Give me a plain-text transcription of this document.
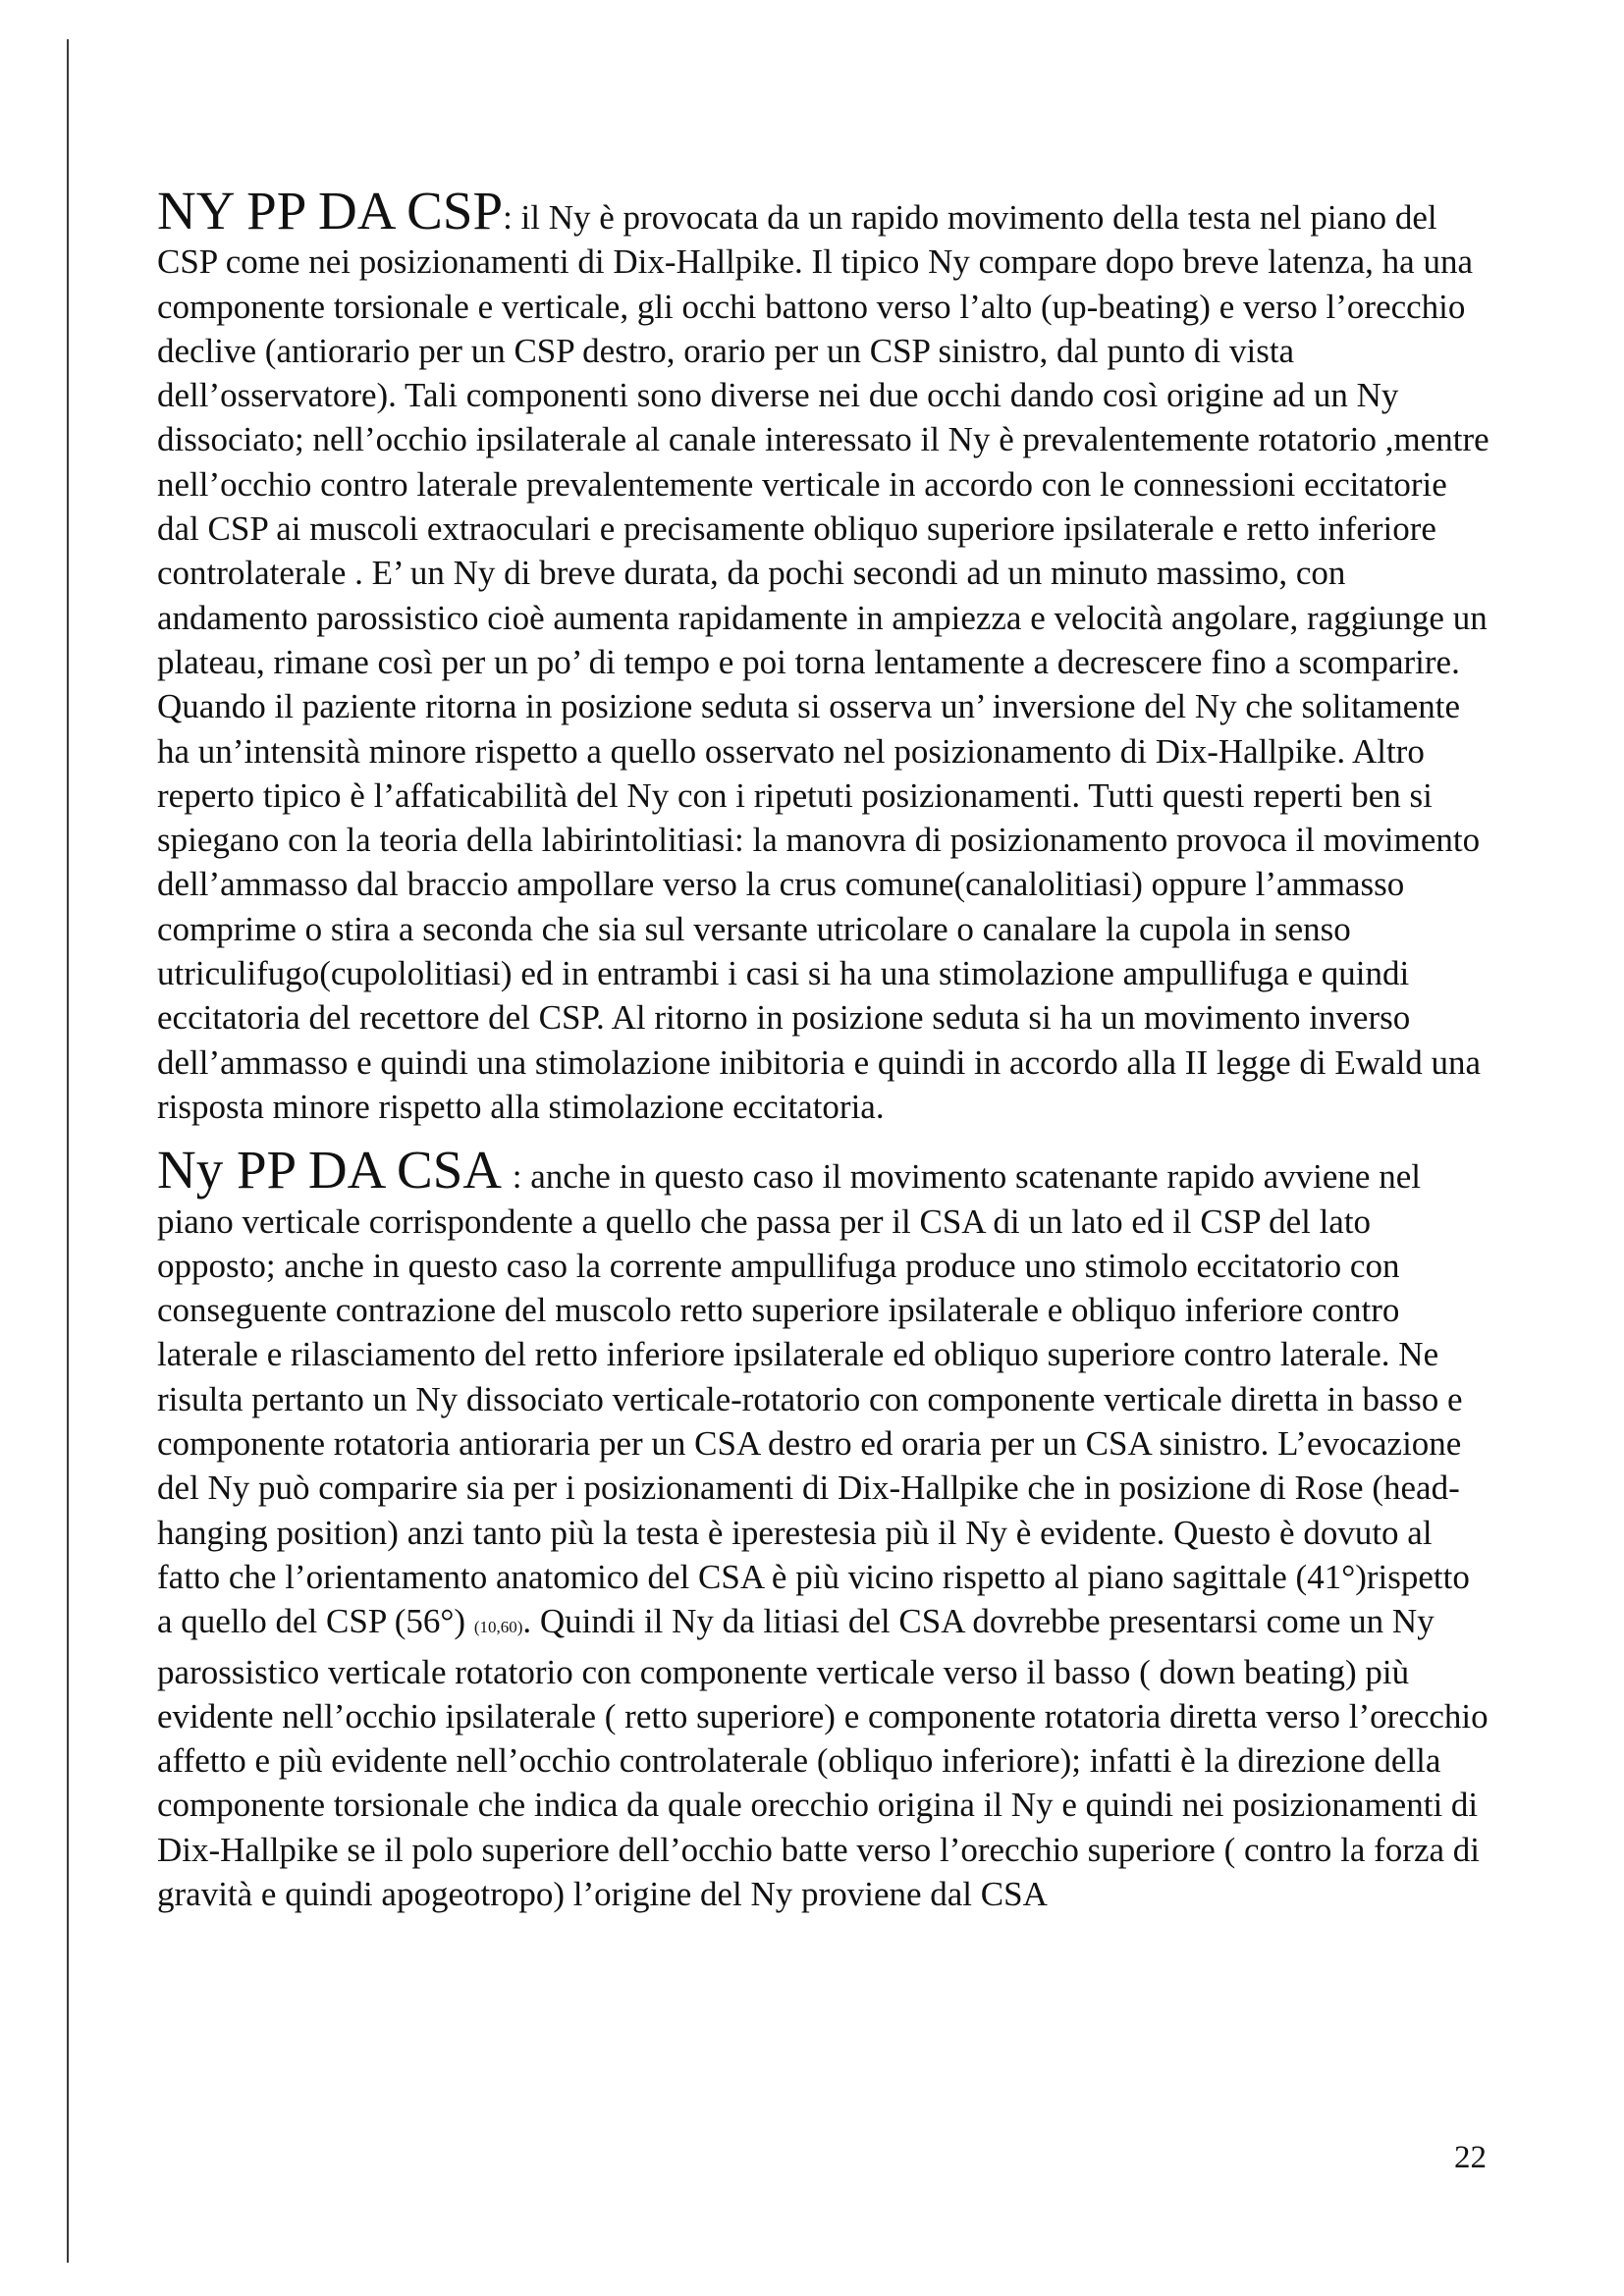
NY PP DA CSP: il Ny è provocata da un rapido movimento della testa nel piano del CSP come nei posizionamenti di Dix-Hallpike. Il tipico Ny compare dopo breve latenza, ha una componente torsionale e verticale, gli occhi battono verso l’alto (up-beating) e verso l’orecchio declive (antiorario per un CSP destro, orario per un CSP sinistro, dal punto di vista dell’osservatore). Tali componenti sono diverse nei due occhi dando così origine ad un Ny dissociato; nell’occhio ipsilaterale al canale interessato il Ny è prevalentemente rotatorio ,mentre nell’occhio contro laterale prevalentemente verticale in accordo con le connessioni eccitatorie dal CSP ai muscoli extraoculari e precisamente obliquo superiore ipsilaterale e retto inferiore controlaterale . E’ un Ny di breve durata, da pochi secondi ad un minuto massimo, con andamento parossistico cioè aumenta rapidamente in ampiezza e velocità angolare, raggiunge un plateau, rimane così per un po’ di tempo e poi torna lentamente a decrescere fino a scomparire. Quando il paziente ritorna in posizione seduta si osserva un’ inversione del Ny che solitamente ha un’intensità minore rispetto a quello osservato nel posizionamento di Dix-Hallpike. Altro reperto tipico è l’affaticabilità del Ny con i ripetuti posizionamenti. Tutti questi reperti ben si spiegano con la teoria della labirintolitiasi: la manovra di posizionamento provoca il movimento dell’ammasso dal braccio ampollare verso la crus comune(canalolitiasi) oppure l’ammasso comprime o stira a seconda che sia sul versante utricolare o canalare la cupola in senso utriculifugo(cupololitiasi) ed in entrambi i casi si ha una stimolazione ampullifuga e quindi eccitatoria del recettore del CSP. Al ritorno in posizione seduta si ha un movimento inverso dell’ammasso e quindi una stimolazione inibitoria e quindi in accordo alla II legge di Ewald una risposta minore rispetto alla stimolazione eccitatoria.

Ny PP DA CSA : anche in questo caso il movimento scatenante rapido avviene nel piano verticale corrispondente a quello che passa per il CSA di un lato ed il CSP del lato opposto; anche in questo caso la corrente ampullifuga produce uno stimolo eccitatorio con conseguente contrazione del muscolo retto superiore ipsilaterale e obliquo inferiore contro laterale e rilasciamento del retto inferiore ipsilaterale ed obliquo superiore contro laterale. Ne risulta pertanto un Ny dissociato verticale-rotatorio con componente verticale diretta in basso e componente rotatoria antioraria per un CSA destro ed oraria per un CSA sinistro. L’evocazione del Ny può comparire sia per i posizionamenti di Dix-Hallpike che in posizione di Rose (head-hanging position) anzi tanto più la testa è iperestesia più il Ny è evidente. Questo è dovuto al fatto che l’orientamento anatomico del CSA è più vicino rispetto al piano sagittale (41°)rispetto a quello del CSP (56°) (10,60). Quindi il Ny da litiasi del CSA dovrebbe presentarsi come un Ny parossistico verticale rotatorio con componente verticale verso il basso ( down beating) più evidente nell’occhio ipsilaterale ( retto superiore) e componente rotatoria diretta verso l’orecchio affetto e più evidente nell’occhio controlaterale (obliquo inferiore); infatti è la direzione della componente torsionale che indica da quale orecchio origina il Ny e quindi nei posizionamenti di Dix-Hallpike se il polo superiore dell’occhio batte verso l’orecchio superiore ( contro la forza di gravità e quindi apogeotropo) l’origine del Ny proviene dal CSA

22
